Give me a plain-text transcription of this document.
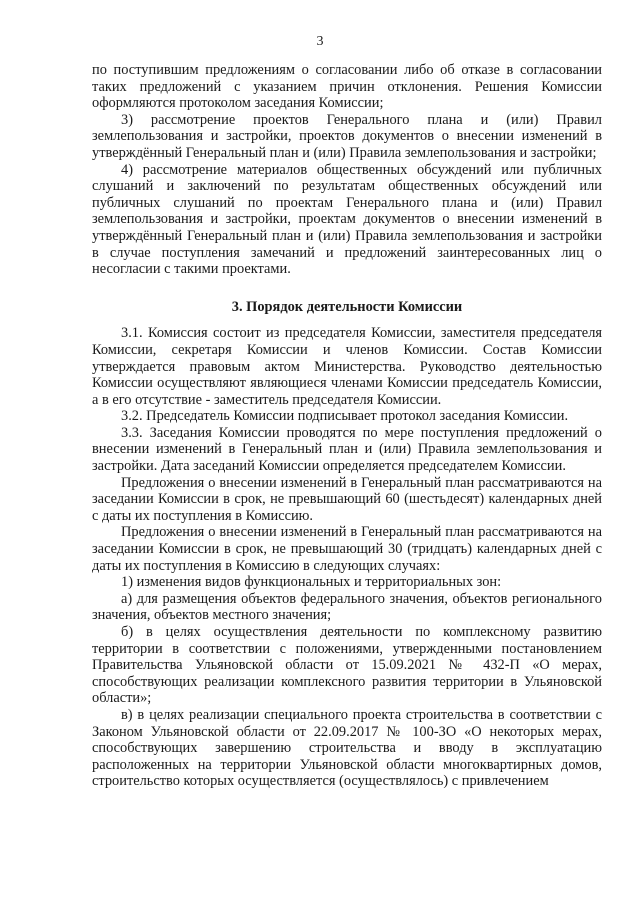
3

по поступившим предложениям о согласовании либо об отказе в согласовании таких предложений с указанием причин отклонения. Решения Комиссии оформляются протоколом заседания Комиссии;

3) рассмотрение проектов Генерального плана и (или) Правил землепользования и застройки, проектов документов о внесении изменений в утверждённый Генеральный план и (или) Правила землепользования и застройки;

4) рассмотрение материалов общественных обсуждений или публичных слушаний и заключений по результатам общественных обсуждений или публичных слушаний по проектам Генерального плана и (или) Правил землепользования и застройки, проектам документов о внесении изменений в утверждённый Генеральный план и (или) Правила землепользования и застройки в случае поступления замечаний и предложений заинтересованных лиц о несогласии с такими проектами.

3. Порядок деятельности Комиссии

3.1. Комиссия состоит из председателя Комиссии, заместителя председателя Комиссии, секретаря Комиссии и членов Комиссии. Состав Комиссии утверждается правовым актом Министерства. Руководство деятельностью Комиссии осуществляют являющиеся членами Комиссии председатель Комиссии, а в его отсутствие - заместитель председателя Комиссии.

3.2. Председатель Комиссии подписывает протокол заседания Комиссии.

3.3. Заседания Комиссии проводятся по мере поступления предложений о внесении изменений в Генеральный план и (или) Правила землепользования и застройки. Дата заседаний Комиссии определяется председателем Комиссии.

Предложения о внесении изменений в Генеральный план рассматриваются на заседании Комиссии в срок, не превышающий 60 (шестьдесят) календарных дней с даты их поступления в Комиссию.

Предложения о внесении изменений в Генеральный план рассматриваются на заседании Комиссии в срок, не превышающий 30 (тридцать) календарных дней с даты их поступления в Комиссию в следующих случаях:

1) изменения видов функциональных и территориальных зон:

а) для размещения объектов федерального значения, объектов регионального значения, объектов местного значения;

б) в целях осуществления деятельности по комплексному развитию территории в соответствии с положениями, утвержденными постановлением Правительства Ульяновской области от 15.09.2021 № 432-П «О мерах, способствующих реализации комплексного развития территории в Ульяновской области»;

в) в целях реализации специального проекта строительства в соответствии с Законом Ульяновской области от 22.09.2017 № 100-ЗО «О некоторых мерах, способствующих завершению строительства и вводу в эксплуатацию расположенных на территории Ульяновской области многоквартирных домов, строительство которых осуществляется (осуществлялось) с привлечением
